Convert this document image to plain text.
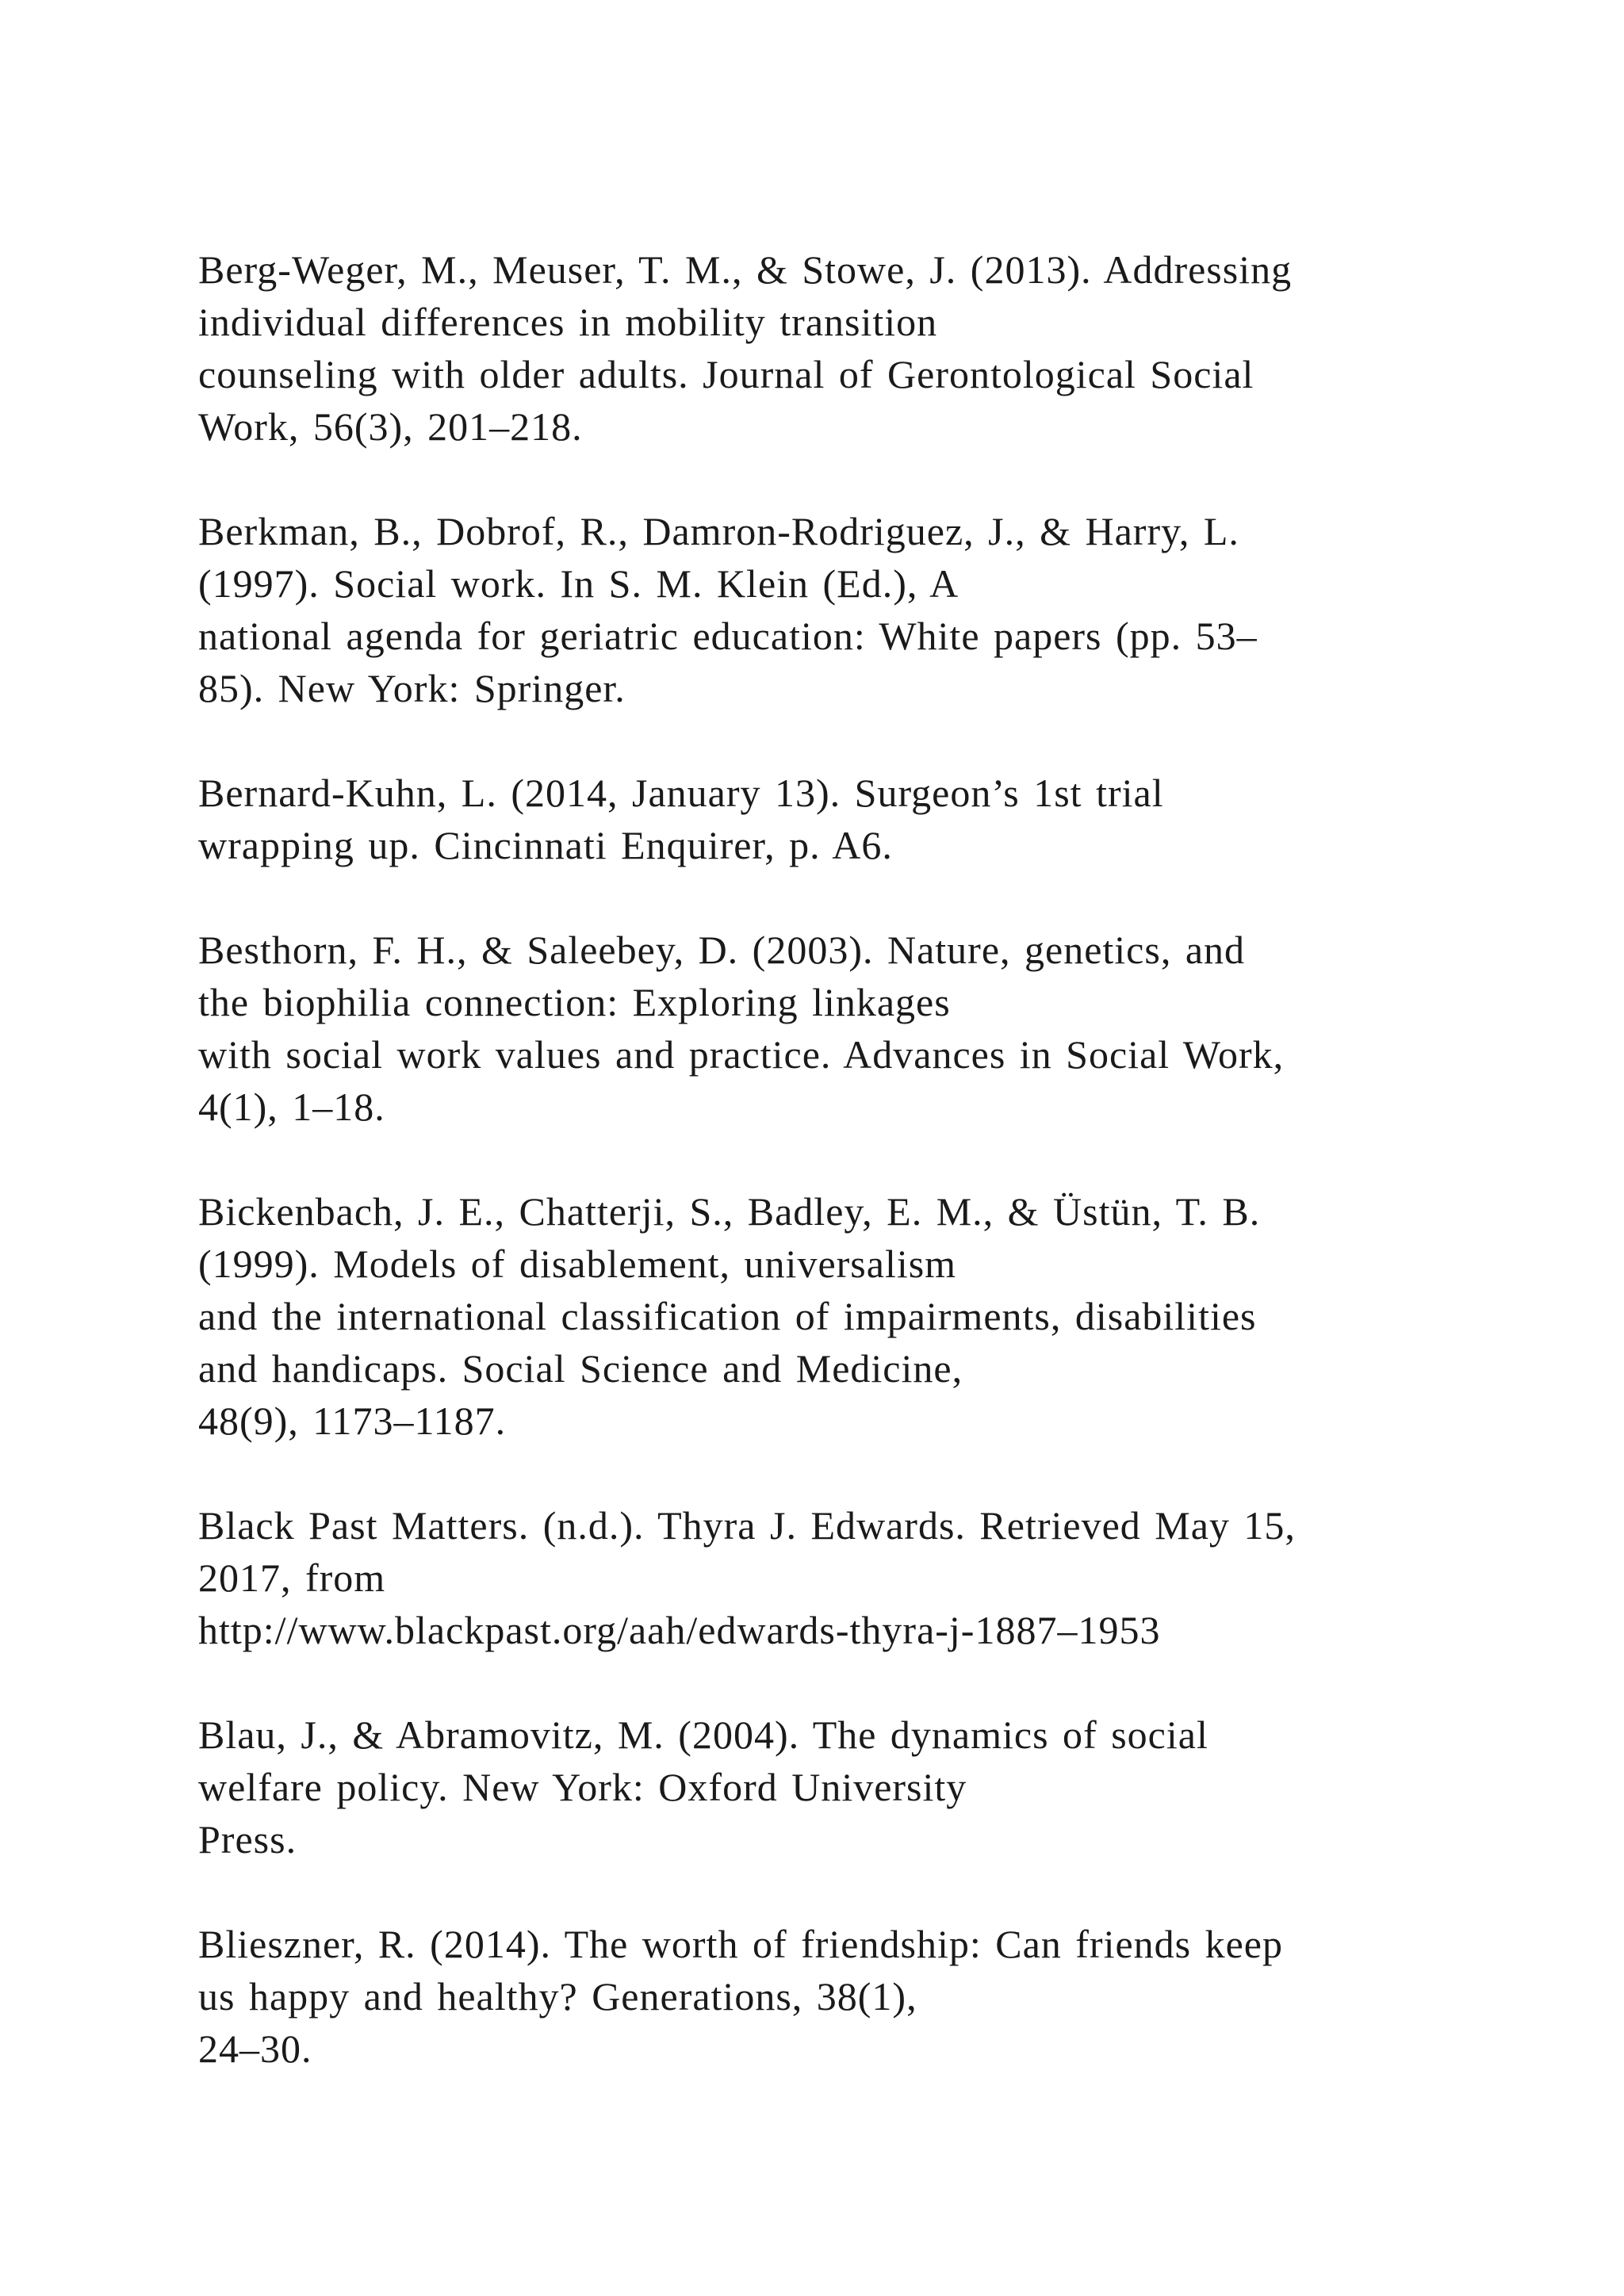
Berg-Weger, M., Meuser, T. M., & Stowe, J. (2013). Addressing
individual differences in mobility transition
counseling with older adults. Journal of Gerontological Social
Work, 56(3), 201–218.
Berkman, B., Dobrof, R., Damron-Rodriguez, J., & Harry, L.
(1997). Social work. In S. M. Klein (Ed.), A
national agenda for geriatric education: White papers (pp. 53–
85). New York: Springer.
Bernard-Kuhn, L. (2014, January 13). Surgeon’s 1st trial
wrapping up. Cincinnati Enquirer, p. A6.
Besthorn, F. H., & Saleebey, D. (2003). Nature, genetics, and
the biophilia connection: Exploring linkages
with social work values and practice. Advances in Social Work,
4(1), 1–18.
Bickenbach, J. E., Chatterji, S., Badley, E. M., & Üstün, T. B.
(1999). Models of disablement, universalism
and the international classification of impairments, disabilities
and handicaps. Social Science and Medicine,
48(9), 1173–1187.
Black Past Matters. (n.d.). Thyra J. Edwards. Retrieved May 15,
2017, from
http://www.blackpast.org/aah/edwards-thyra-j-1887–1953
Blau, J., & Abramovitz, M. (2004). The dynamics of social
welfare policy. New York: Oxford University
Press.
Blieszner, R. (2014). The worth of friendship: Can friends keep
us happy and healthy? Generations, 38(1),
24–30.
